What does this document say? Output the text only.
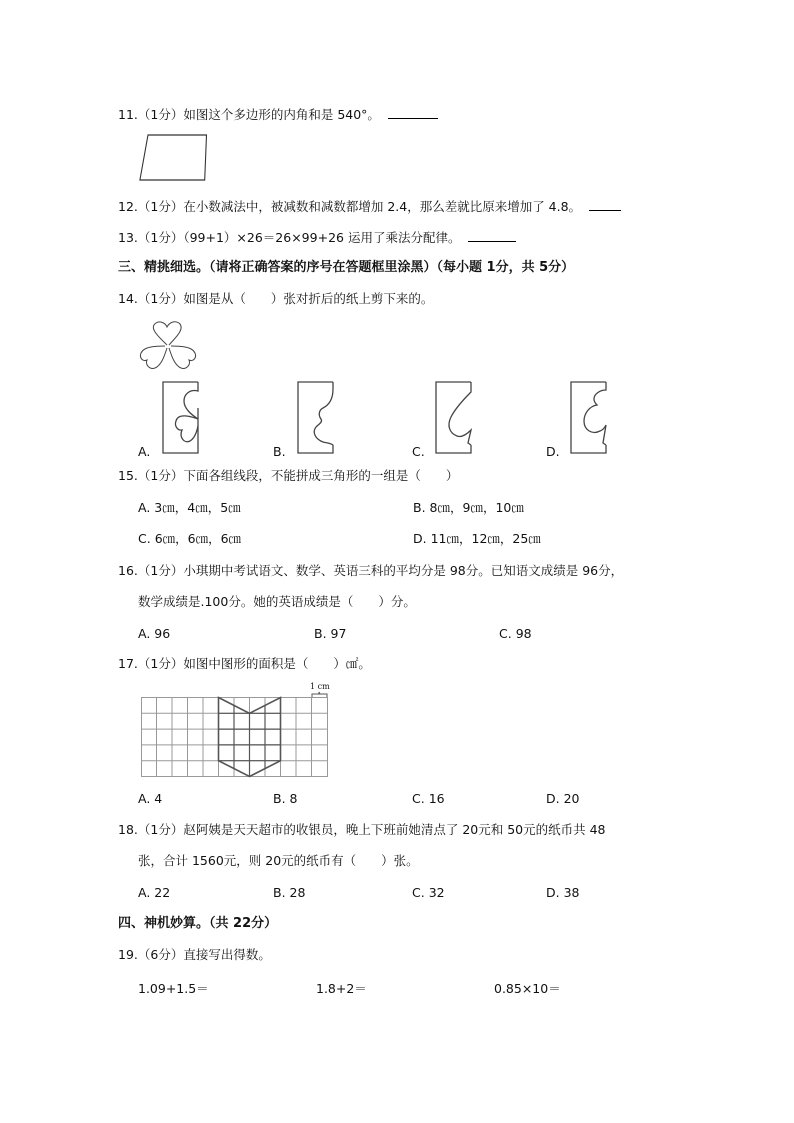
11.（1分）如图这个多边形的内角和是 540°。
12.（1分）在小数减法中，被减数和减数都增加 2.4，那么差就比原来增加了 4.8。
13.（1分）（99+1）×26＝26×99+26 运用了乘法分配律。
三、精挑细选。（请将正确答案的序号在答题框里涂黑）（每小题 1分，共 5分）
14.（1分）如图是从（　　）张对折后的纸上剪下来的。
A.	B.	C.	D.
15.（1分）下面各组线段，不能拼成三角形的一组是（　　）
A. 3㎝，4㎝，5㎝	B. 8㎝，9㎝，10㎝
C. 6㎝，6㎝，6㎝	D. 11㎝，12㎝，25㎝
16.（1分）小琪期中考试语文、数学、英语三科的平均分是 98分。已知语文成绩是 96分，
数学成绩是.100分。她的英语成绩是（　　）分。
A. 96	B. 97	C. 98
17.（1分）如图中图形的面积是（　　）㎠。
1 cm
A. 4	B. 8	C. 16	D. 20
18.（1分）赵阿姨是天天超市的收银员，晚上下班前她清点了 20元和 50元的纸币共 48
张，合计 1560元，则 20元的纸币有（　　）张。
A. 22	B. 28	C. 32	D. 38
四、神机妙算。（共 22分）
19.（6分）直接写出得数。
1.09+1.5＝	1.8+2＝	0.85×10＝
